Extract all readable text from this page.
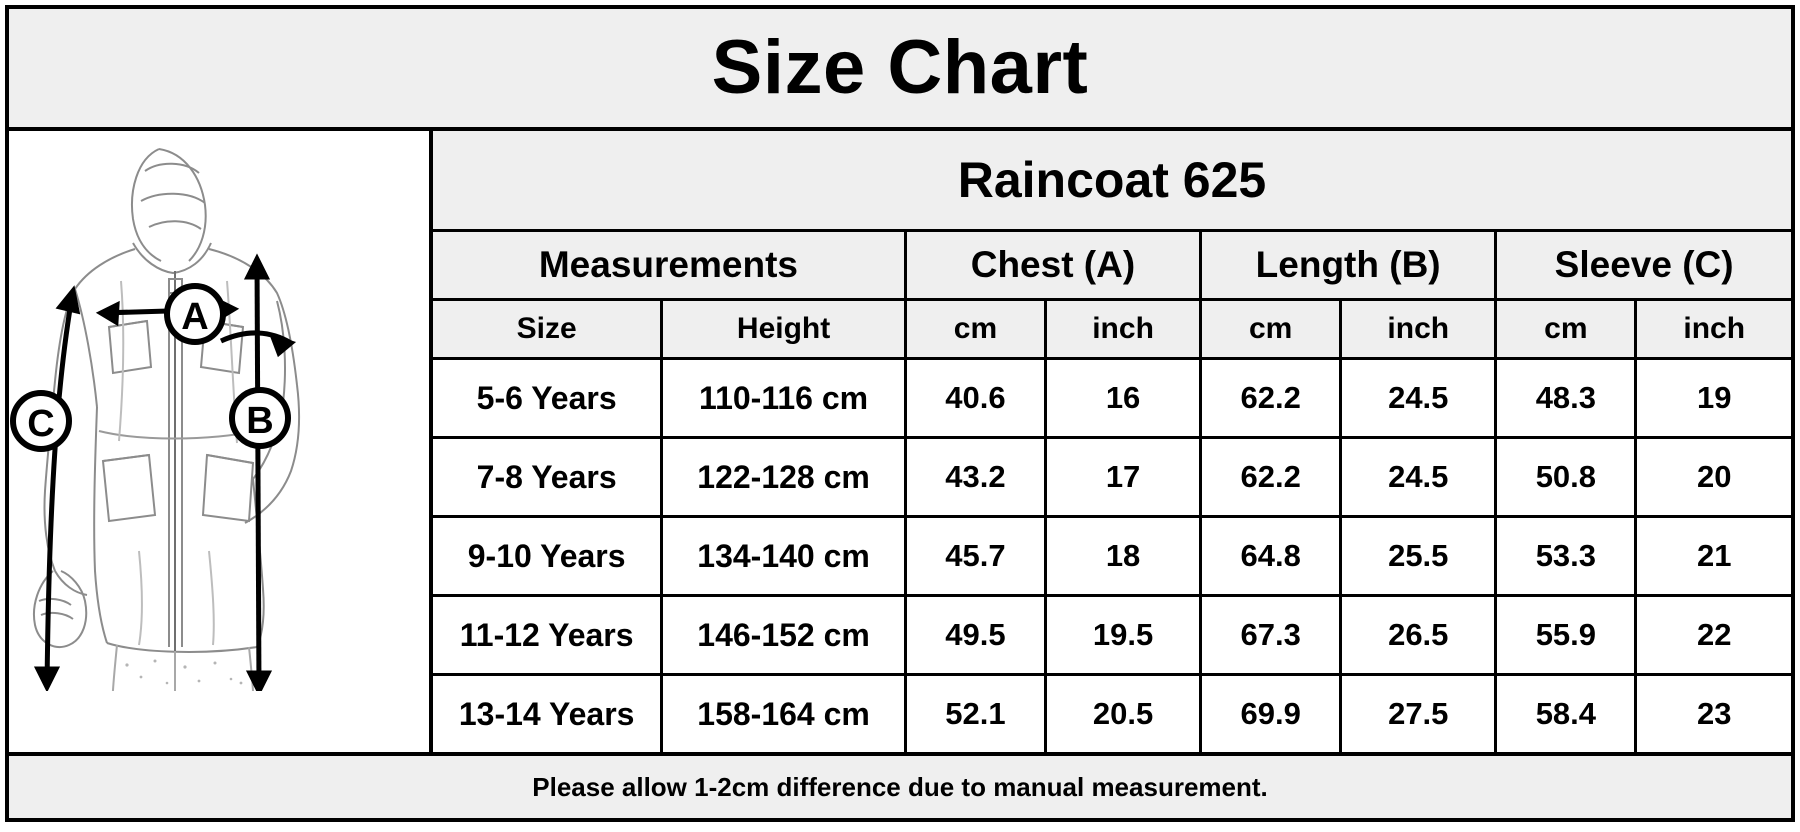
Size Chart
A
B
C
Raincoat 625
Measurements		Chest (A)		Length (B)		Sleeve (C)	
Size	Height	cm	inch	cm	inch	cm	inch
5-6 Years	110-116 cm	40.6	16	62.2	24.5	48.3	19
7-8 Years	122-128 cm	43.2	17	62.2	24.5	50.8	20
9-10 Years	134-140 cm	45.7	18	64.8	25.5	53.3	21
11-12 Years	146-152 cm	49.5	19.5	67.3	26.5	55.9	22
13-14 Years	158-164 cm	52.1	20.5	69.9	27.5	58.4	23
Please allow 1-2cm difference due to manual measurement.
